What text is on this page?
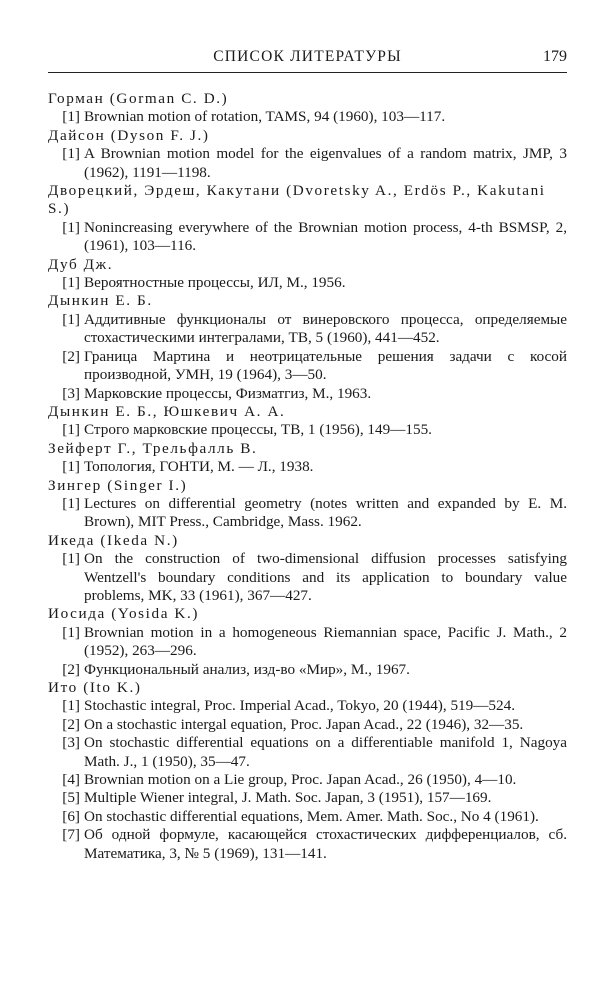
СПИСОК ЛИТЕРАТУРЫ	179

Горман (Gorman C. D.)

[1] Brownian motion of rotation, TAMS, 94 (1960), 103—117.

Дайсон (Dyson F. J.)

[1] A Brownian motion model for the eigenvalues of a random matrix, JMP, 3 (1962), 1191—1198.

Дворецкий, Эрдеш, Какутани (Dvoretsky A., Erdös P., Kakutani S.)

[1] Nonincreasing everywhere of the Brownian motion process, 4-th BSMSP, 2, (1961), 103—116.

Дуб Дж.

[1] Вероятностные процессы, ИЛ, М., 1956.

Дынкин Е. Б.

[1] Аддитивные функционалы от винеровского процесса, определяемые стохастическими интегралами, ТВ, 5 (1960), 441—452.
[2] Граница Мартина и неотрицательные решения задачи с косой производной, УМН, 19 (1964), 3—50.
[3] Марковские процессы, Физматгиз, М., 1963.

Дынкин Е. Б., Юшкевич А. А.

[1] Строго марковские процессы, ТВ, 1 (1956), 149—155.

Зейферт Г., Трельфалль В.

[1] Топология, ГОНТИ, М. — Л., 1938.

Зингер (Singer I.)

[1] Lectures on differential geometry (notes written and expanded by E. M. Brown), MIT Press., Cambridge, Mass. 1962.

Икеда (Ikeda N.)

[1] On the construction of two-dimensional diffusion processes satisfying Wentzell's boundary conditions and its application to boundary value problems, MK, 33 (1961), 367—427.

Иосида (Yosida K.)

[1] Brownian motion in a homogeneous Riemannian space, Pacific J. Math., 2 (1952), 263—296.
[2] Функциональный анализ, изд-во «Мир», М., 1967.

Ито (Ito K.)

[1] Stochastic integral, Proc. Imperial Acad., Tokyo, 20 (1944), 519—524.
[2] On a stochastic intergal equation, Proc. Japan Acad., 22 (1946), 32—35.
[3] On stochastic differential equations on a differentiable manifold 1, Nagoya Math. J., 1 (1950), 35—47.
[4] Brownian motion on a Lie group, Proc. Japan Acad., 26 (1950), 4—10.
[5] Multiple Wiener integral, J. Math. Soc. Japan, 3 (1951), 157—169.
[6] On stochastic differential equations, Mem. Amer. Math. Soc., No 4 (1961).
[7] Об одной формуле, касающейся стохастических дифференциалов, сб. Математика, 3, № 5 (1969), 131—141.
